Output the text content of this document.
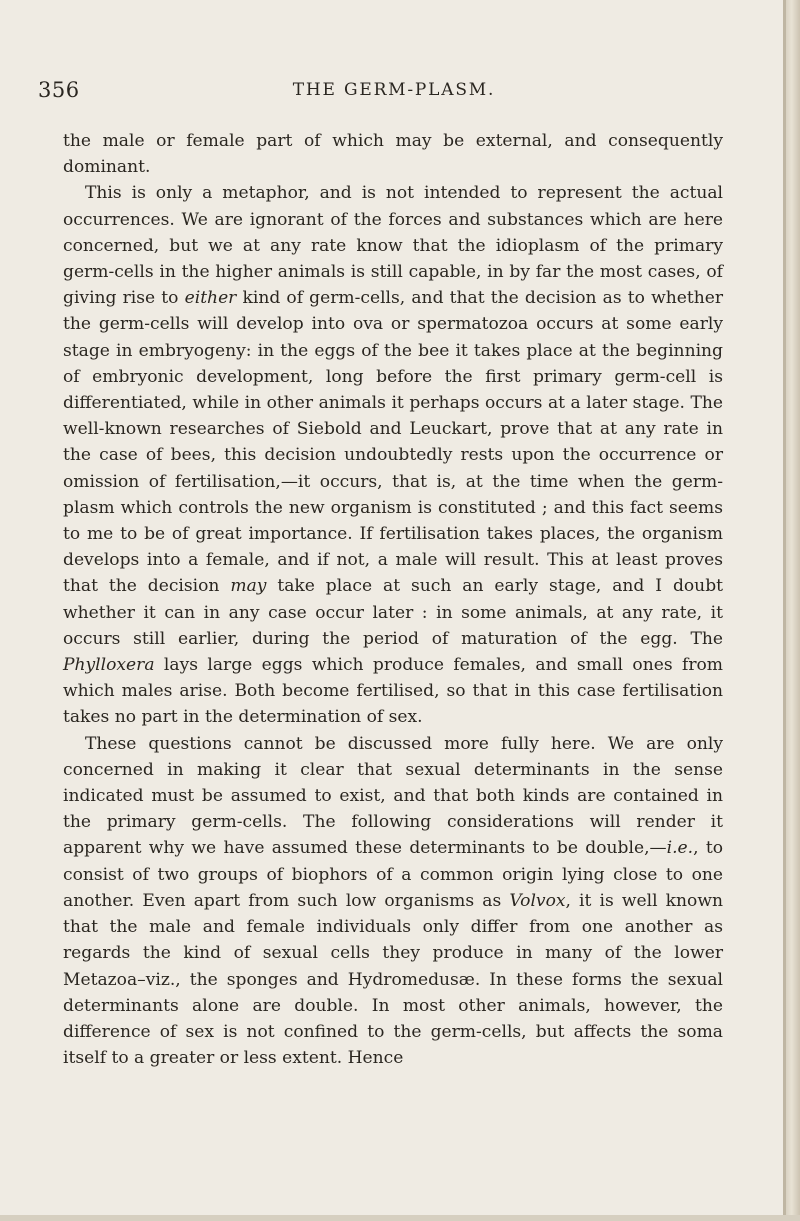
356	THE GERM-PLASM.

the male or female part of which may be external, and consequently dominant.

This is only a metaphor, and is not intended to represent the actual occurrences. We are ignorant of the forces and substances which are here concerned, but we at any rate know that the idioplasm of the primary germ-cells in the higher animals is still capable, in by far the most cases, of giving rise to either kind of germ-cells, and that the decision as to whether the germ-cells will develop into ova or spermatozoa occurs at some early stage in embryogeny: in the eggs of the bee it takes place at the beginning of embryonic development, long before the first primary germ-cell is differentiated, while in other animals it perhaps occurs at a later stage. The well-known researches of Siebold and Leuckart, prove that at any rate in the case of bees, this decision undoubtedly rests upon the occurrence or omission of fertilisation,—it occurs, that is, at the time when the germ-plasm which controls the new organism is constituted ; and this fact seems to me to be of great importance. If fertilisation takes places, the organism develops into a female, and if not, a male will result. This at least proves that the decision may take place at such an early stage, and I doubt whether it can in any case occur later : in some animals, at any rate, it occurs still earlier, during the period of maturation of the egg. The Phylloxera lays large eggs which produce females, and small ones from which males arise. Both become fertilised, so that in this case fertilisation takes no part in the determination of sex.

These questions cannot be discussed more fully here. We are only concerned in making it clear that sexual determinants in the sense indicated must be assumed to exist, and that both kinds are contained in the primary germ-cells. The following considerations will render it apparent why we have assumed these determinants to be double,—i.e., to consist of two groups of biophors of a common origin lying close to one another. Even apart from such low organisms as Volvox, it is well known that the male and female individuals only differ from one another as regards the kind of sexual cells they produce in many of the lower Metazoa–viz., the sponges and Hydromedusæ. In these forms the sexual determinants alone are double. In most other animals, however, the difference of sex is not confined to the germ-cells, but affects the soma itself to a greater or less extent. Hence
